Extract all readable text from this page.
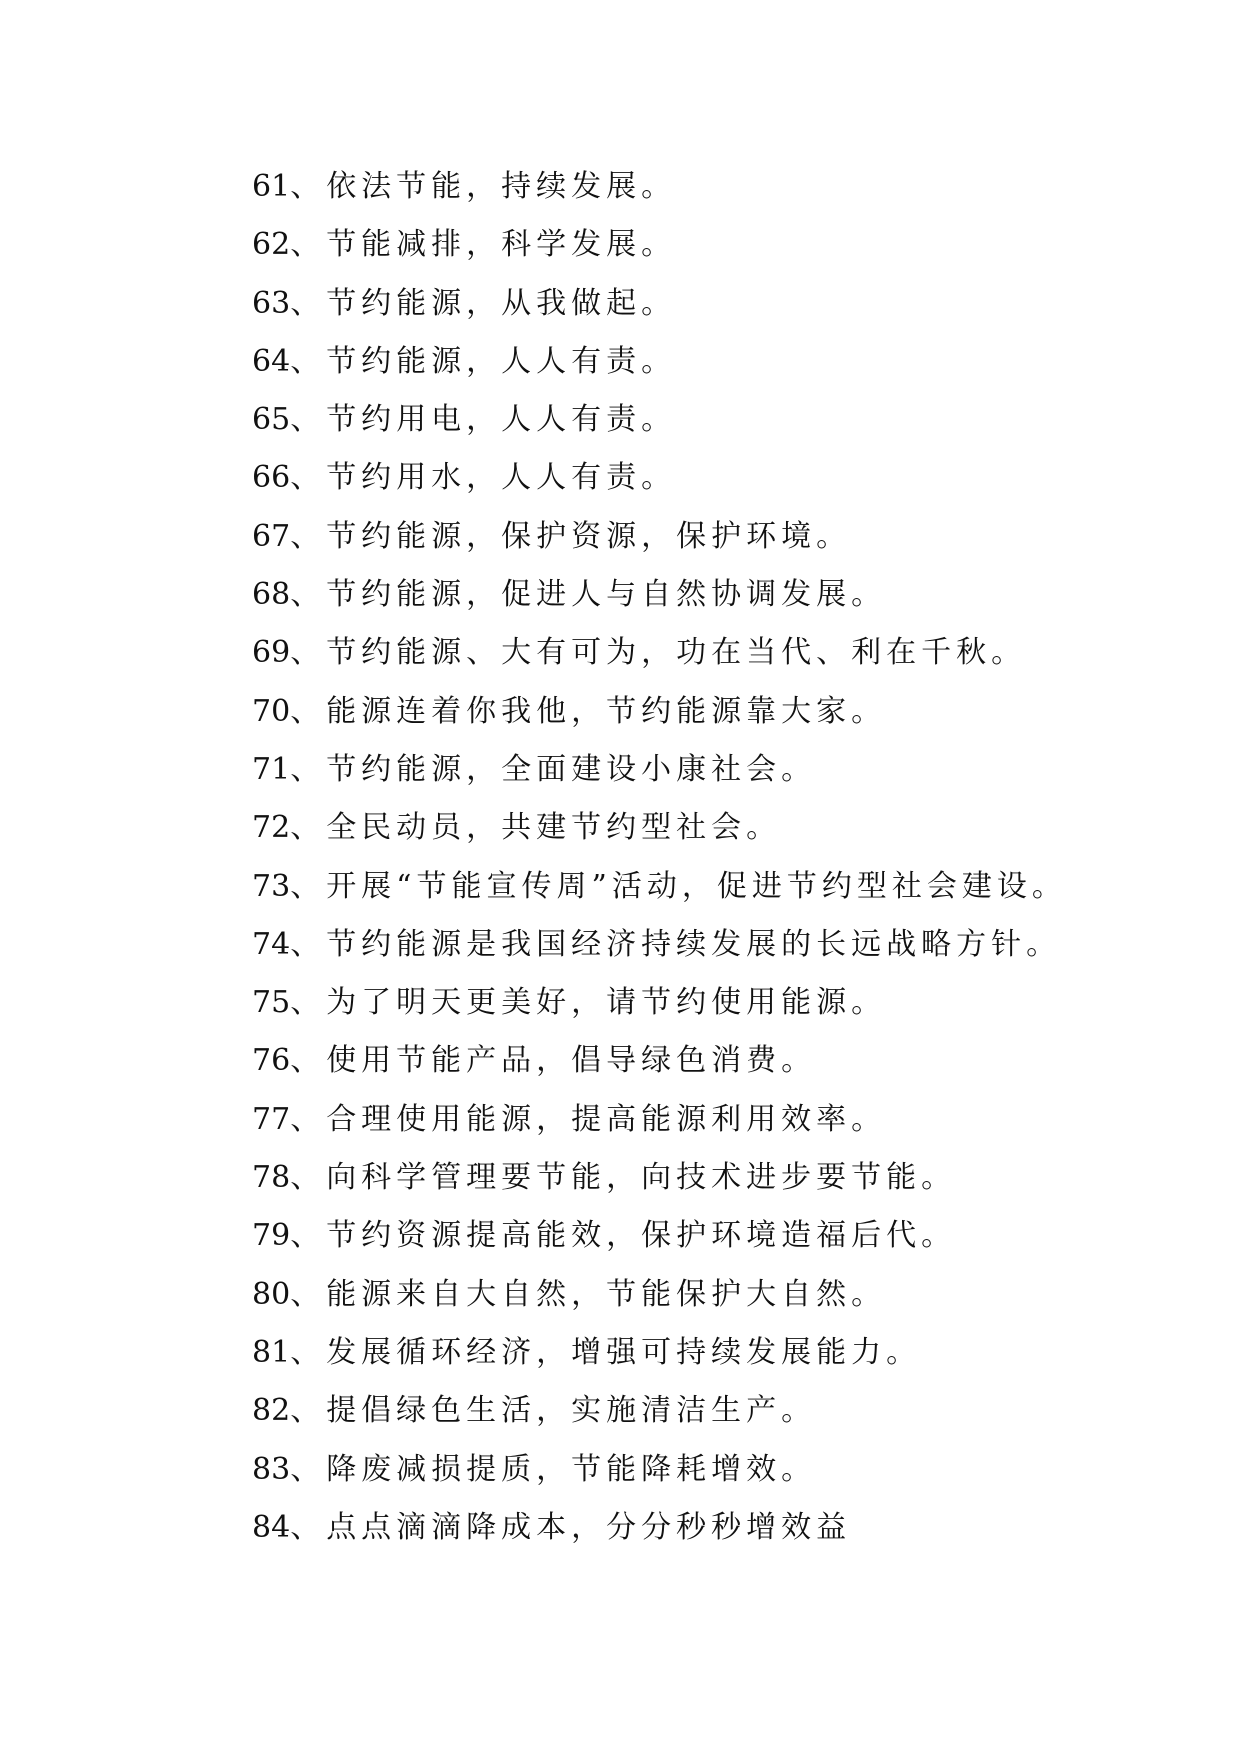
61、 依法节能，持续发展。
62、 节能减排，科学发展。
63、 节约能源，从我做起。
64、 节约能源，人人有责。
65、 节约用电，人人有责。
66、 节约用水，人人有责。
67、 节约能源，保护资源，保护环境。
68、 节约能源，促进人与自然协调发展。
69、 节约能源、大有可为，功在当代、利在千秋。
70、 能源连着你我他，节约能源靠大家。
71、 节约能源，全面建设小康社会。
72、 全民动员，共建节约型社会。
73、 开展“节能宣传周”活动，促进节约型社会建设。
74、 节约能源是我国经济持续发展的长远战略方针。
75、 为了明天更美好，请节约使用能源。
76、 使用节能产品，倡导绿色消费。
77、 合理使用能源，提高能源利用效率。
78、 向科学管理要节能，向技术进步要节能。
79、 节约资源提高能效，保护环境造福后代。
80、 能源来自大自然，节能保护大自然。
81、 发展循环经济，增强可持续发展能力。
82、 提倡绿色生活，实施清洁生产。
83、 降废减损提质，节能降耗增效。
84、 点点滴滴降成本，分分秒秒增效益
